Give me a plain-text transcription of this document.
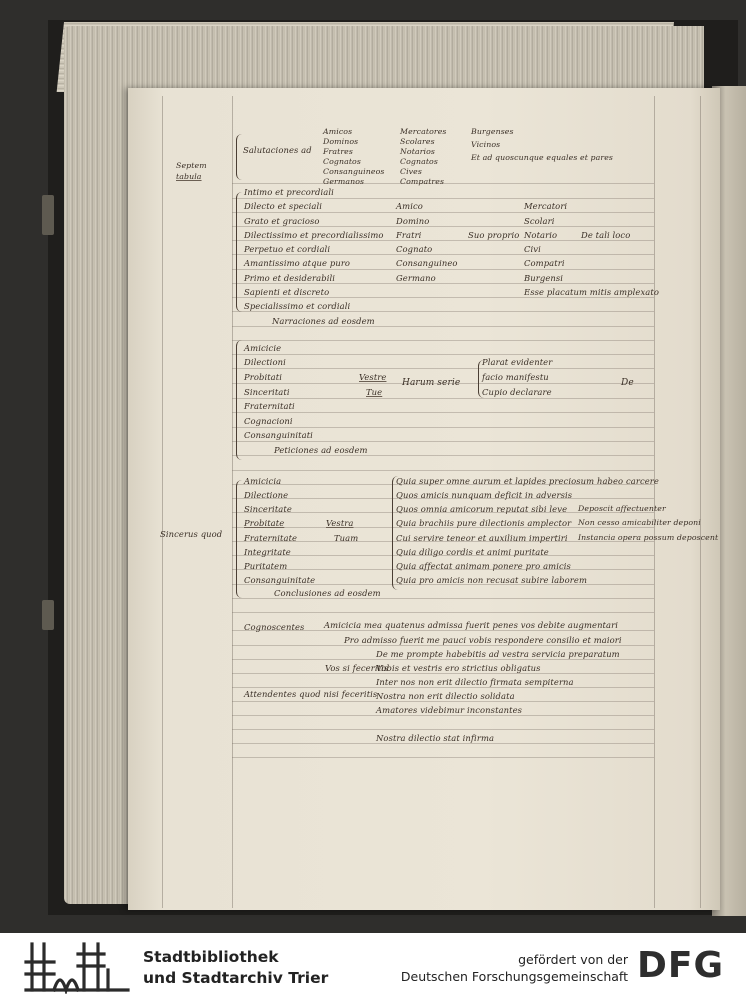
Amicos
Dominos
Fratres
Cognatos
Consanguineos
Germanos
Mercatores
Scolares
Notarios
Cognatos
Cives
Compatres
Burgenses
Vicinos
Et ad quoscunque equales et pares
Salutaciones ad
Septem
tabula
Intimo et precordiali
Dilecto et speciali
Grato et gracioso
Dilectissimo et precordialissimo
Perpetuo et cordiali
Amantissimo atque puro
Primo et desiderabili
Sapienti et discreto
Specialissimo et cordiali
Narraciones ad eosdem
Amico
Domino
Fratri
Cognato
Consanguineo
Germano
Suo proprio
Mercatori
Scolari
Notario	De tali loco
Civi
Compatri
Burgensi
Esse placatum mitis amplexato
Amicicie
Dilectioni
Probitati
Sinceritati
Fraternitati
Cognacioni
Consanguinitati
Peticiones ad eosdem
Vestre
Tue
Harum serie
Plarat evidenter
facio manifestu
Cupio declarare
De
Amicicia
Dilectione
Sinceritate
Probitate
Fraternitate
Integritate
Puritatem
Consanguinitate
Conclusiones ad eosdem
Sincerus quod
Vestra
Tuam
Quia super omne aurum et lapides preciosum habeo carcere
Quos amicis nunquam deficit in adversis
Quos omnia amicorum reputat sibi leve
Quia brachiis pure dilectionis amplector
Cui servire teneor et auxilium impertiri
Quia diligo cordis et animi puritate
Quia affectat animam ponere pro amicis
Quia pro amicis non recusat subire laborem
Deposcit affectuenter
Non cesso amicabiliter deponi
Instancia opera possum deposcent
Cognoscentes Amicicia mea quatenus admissa fuerit penes vos debite augmentari
Pro admisso fuerit me pauci vobis respondere consilio et maiori
De me prompte habebitis ad vestra servicia preparatum
Vos si feceritis
Vobis et vestris ero strictius obligatus
Inter nos non erit dilectio firmata sempiterna
Attendentes quod nisi feceritis
Nostra non erit dilectio solidata
Amatores videbimur inconstantes
Nostra dilectio stat infirma
Stadtbibliothek
und Stadtarchiv Trier
gefördert von der
Deutschen Forschungsgemeinschaft DFG
